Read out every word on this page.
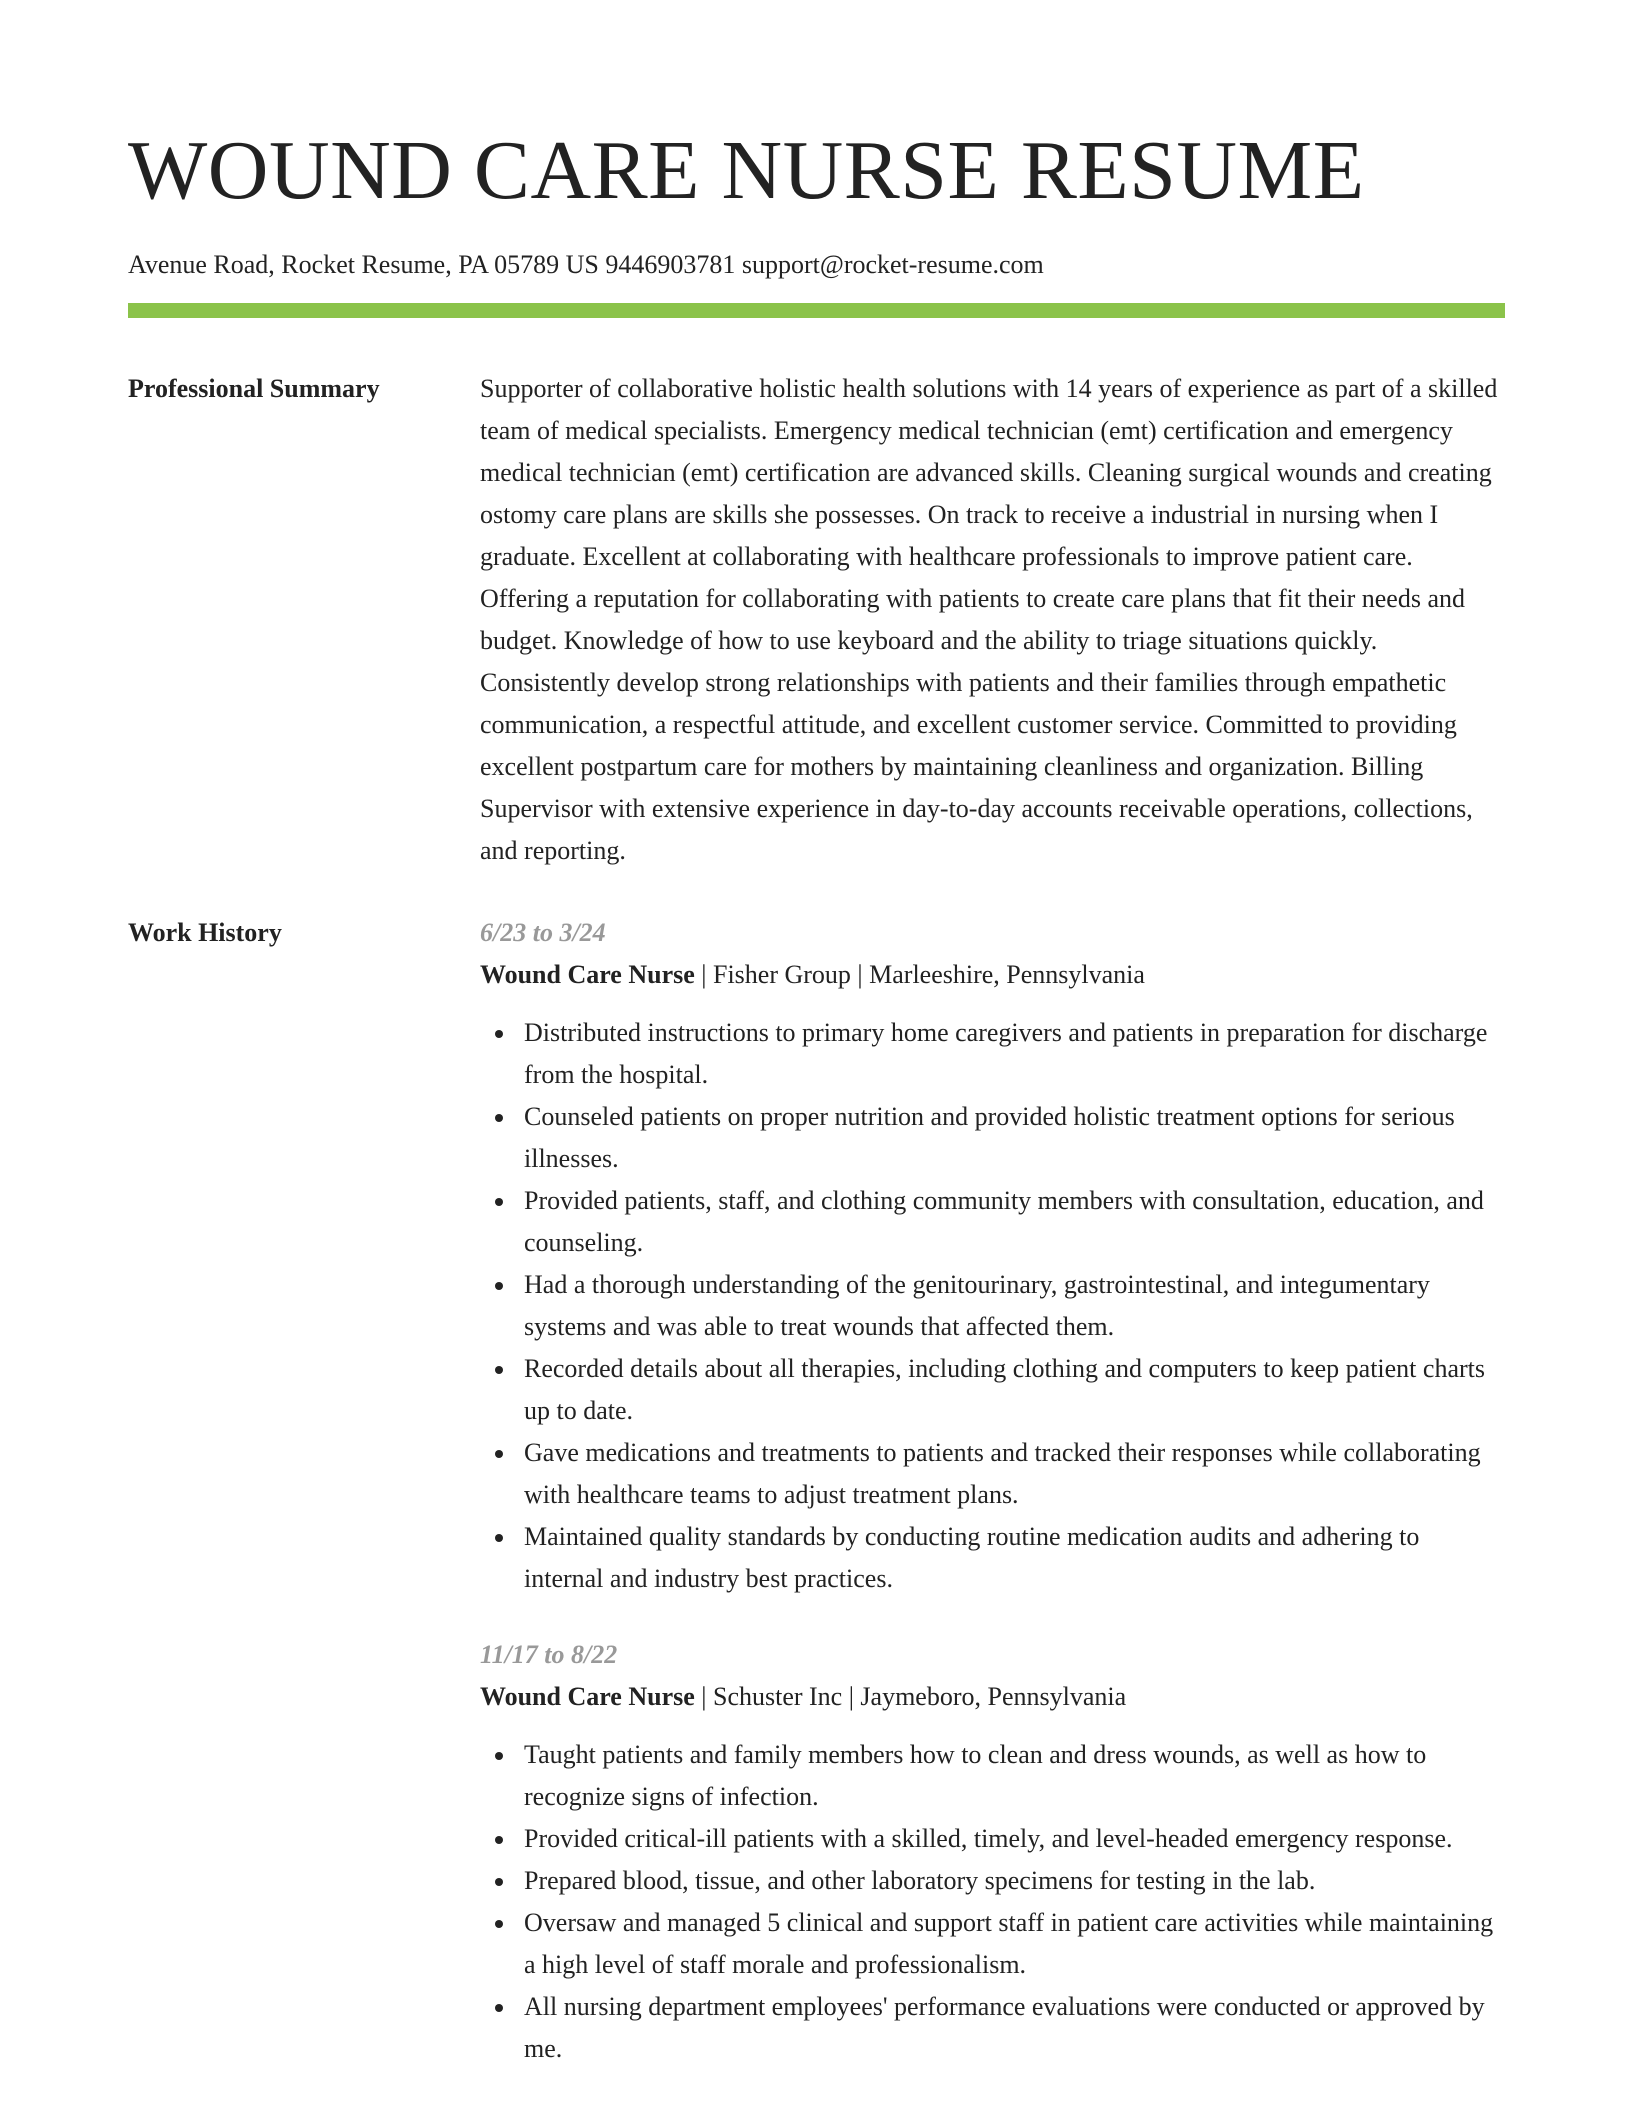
WOUND CARE NURSE RESUME
Avenue Road, Rocket Resume, PA 05789 US 9446903781 support@rocket-resume.com
Professional Summary	Supporter of collaborative holistic health solutions with 14 years of experience as part of a skilled team of medical specialists. Emergency medical technician (emt) certification and emergency medical technician (emt) certification are advanced skills. Cleaning surgical wounds and creating ostomy care plans are skills she possesses. On track to receive a industrial in nursing when I graduate. Excellent at collaborating with healthcare professionals to improve patient care. Offering a reputation for collaborating with patients to create care plans that fit their needs and budget. Knowledge of how to use keyboard and the ability to triage situations quickly. Consistently develop strong relationships with patients and their families through empathetic communication, a respectful attitude, and excellent customer service. Committed to providing excellent postpartum care for mothers by maintaining cleanliness and organization. Billing Supervisor with extensive experience in day-to-day accounts receivable operations, collections, and reporting.

Work History	6/23 to 3/24
Wound Care Nurse | Fisher Group | Marleeshire, Pennsylvania
Distributed instructions to primary home caregivers and patients in preparation for discharge from the hospital.
Counseled patients on proper nutrition and provided holistic treatment options for serious illnesses.
Provided patients, staff, and clothing community members with consultation, education, and counseling.
Had a thorough understanding of the genitourinary, gastrointestinal, and integumentary systems and was able to treat wounds that affected them.
Recorded details about all therapies, including clothing and computers to keep patient charts up to date.
Gave medications and treatments to patients and tracked their responses while collaborating with healthcare teams to adjust treatment plans.
Maintained quality standards by conducting routine medication audits and adhering to internal and industry best practices.
11/17 to 8/22
Wound Care Nurse | Schuster Inc | Jaymeboro, Pennsylvania
Taught patients and family members how to clean and dress wounds, as well as how to recognize signs of infection.
Provided critical-ill patients with a skilled, timely, and level-headed emergency response.
Prepared blood, tissue, and other laboratory specimens for testing in the lab.
Oversaw and managed 5 clinical and support staff in patient care activities while maintaining a high level of staff morale and professionalism.
All nursing department employees' performance evaluations were conducted or approved by me.
